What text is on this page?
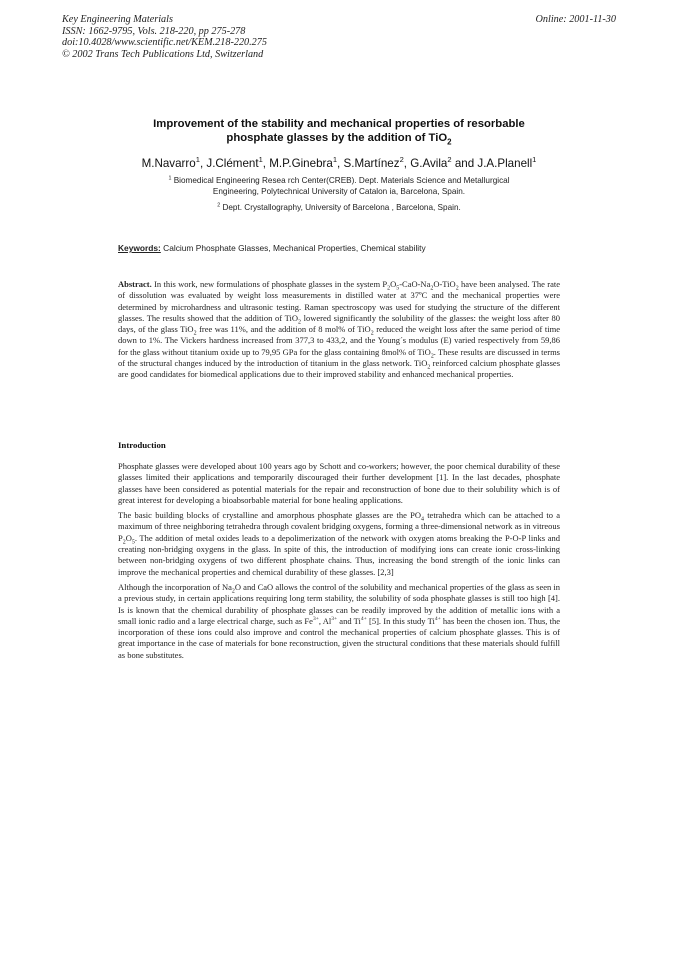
Key Engineering Materials
ISSN: 1662-9795, Vols. 218-220, pp 275-278
doi:10.4028/www.scientific.net/KEM.218-220.275
© 2002 Trans Tech Publications Ltd, Switzerland
Online: 2001-11-30
Improvement of the stability and mechanical properties of resorbable
phosphate glasses by the addition of TiO$_2$
M.Navarro$^1$, J.Clément$^1$, M.P.Ginebra$^1$, S.Martínez$^2$, G.Avila$^2$ and J.A.Planell$^1$
$^1$ Biomedical Engineering Resea rch Center(CREB). Dept. Materials Science and Metallurgical
Engineering, Polytechnical University of Catalon ia, Barcelona, Spain.
$^2$ Dept. Crystallography, University of Barcelona , Barcelona, Spain.
Keywords: Calcium Phosphate Glasses, Mechanical Properties, Chemical stability
Abstract. In this work, new formulations of phosphate glasses in the system $P_2O_5-CaO-Na_2O-TiO_2$ have been analysed. The rate of dissolution was evaluated by weight loss measurements in distilled water at 37ºC and the mechanical properties were determined by microhardness and ultrasonic testing. Raman spectroscopy was used for studying the structure of the different glasses. The results showed that the addition of TiO$_2$ lowered significantly the solubility of the glasses: the weight loss after 80 days, of the glass TiO$_2$ free was 11%, and the addition of 8 mol% of TiO$_2$ reduced the weight loss after the same period of time down to 1%. The Vickers hardness increased from 377,3 to 433,2, and the Young´s modulus (E) varied respectively from 59,86 for the glass without titanium oxide up to 79,95 GPa for the glass containing 8mol% of TiO$_2$. These results are discussed in terms of the structural changes induced by the introduction of titanium in the glass network. TiO$_2$ reinforced calcium phosphate glasses are good candidates for biomedical applications due to their improved stability and enhanced mechanical properties.
Introduction

Phosphate glasses were developed about 100 years ago by Schott and co-workers; however, the poor chemical durability of these glasses limited their applications and temporarily discouraged their further development [1]. In the last decades, phosphate glasses have been considered as potential materials for the repair and reconstruction of bone due to their solubility which is of great interest for developing a bioabsorbable material for bone healing applications.

The basic building blocks of crystalline and amorphous phosphate glasses are the $PO_4$ tetrahedra which can be attached to a maximum of three neighboring tetrahedra through covalent bridging oxygens, forming a three-dimensional network as in vitreous $P_2O_5$. The addition of metal oxides leads to a depolimerization of the network with oxygen atoms breaking the P-O-P links and creating non-bridging oxygens in the glass. In spite of this, the introduction of modifying ions can create ionic cross-linking between non-bridging oxygens of two different phosphate chains. Thus, increasing the bond strength of the ionic links can improve the mechanical properties and chemical durability of these glasses. [2,3]

Although the incorporation of $Na_2O$ and CaO allows the control of the solubility and mechanical properties of the glass as seen in a previous study, in certain applications requiring long term stability, the solubility of soda phosphate glasses is still too high [4]. Is is known that the chemical durability of phosphate glasses can be readily improved by the addition of metallic ions with a small ionic radio and a large electrical charge, such as $Fe^{3+}$, $Al^{3+}$ and $Ti^{4+}$ [5]. In this study $Ti^{4+}$ has been the chosen ion. Thus, the incorporation of these ions could also improve and control the mechanical properties of calcium phosphate glasses. This is of great importance in the case of materials for bone reconstruction, given the structural conditions that these materials should fulfill as bone substitutes.
